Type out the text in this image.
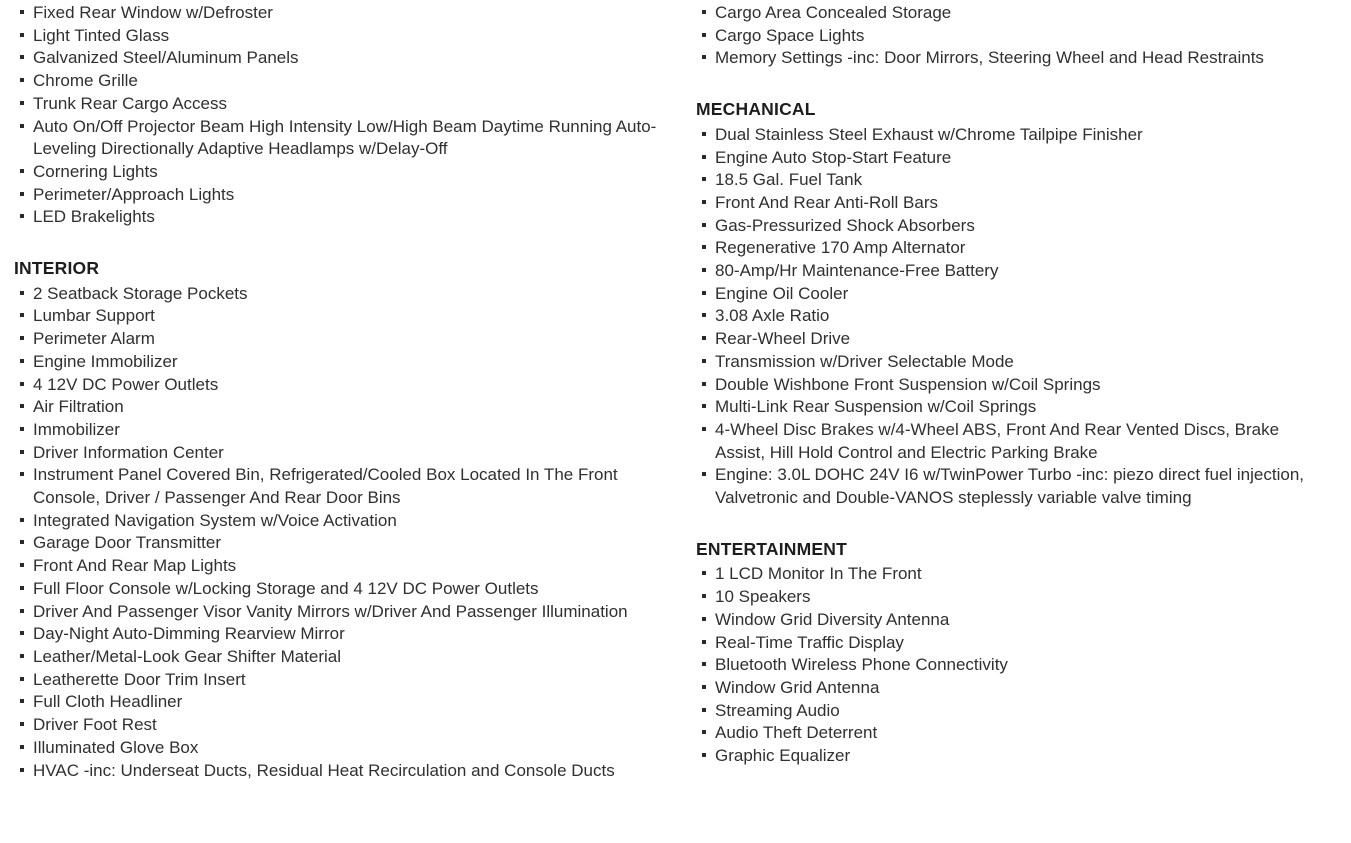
Fixed Rear Window w/Defroster
Light Tinted Glass
Galvanized Steel/Aluminum Panels
Chrome Grille
Trunk Rear Cargo Access
Auto On/Off Projector Beam High Intensity Low/High Beam Daytime Running Auto-Leveling Directionally Adaptive Headlamps w/Delay-Off
Cornering Lights
Perimeter/Approach Lights
LED Brakelights
INTERIOR
2 Seatback Storage Pockets
Lumbar Support
Perimeter Alarm
Engine Immobilizer
4 12V DC Power Outlets
Air Filtration
Immobilizer
Driver Information Center
Instrument Panel Covered Bin, Refrigerated/Cooled Box Located In The Front Console, Driver / Passenger And Rear Door Bins
Integrated Navigation System w/Voice Activation
Garage Door Transmitter
Front And Rear Map Lights
Full Floor Console w/Locking Storage and 4 12V DC Power Outlets
Driver And Passenger Visor Vanity Mirrors w/Driver And Passenger Illumination
Day-Night Auto-Dimming Rearview Mirror
Leather/Metal-Look Gear Shifter Material
Leatherette Door Trim Insert
Full Cloth Headliner
Driver Foot Rest
Illuminated Glove Box
HVAC -inc: Underseat Ducts, Residual Heat Recirculation and Console Ducts
Cargo Area Concealed Storage
Cargo Space Lights
Memory Settings -inc: Door Mirrors, Steering Wheel and Head Restraints
MECHANICAL
Dual Stainless Steel Exhaust w/Chrome Tailpipe Finisher
Engine Auto Stop-Start Feature
18.5 Gal. Fuel Tank
Front And Rear Anti-Roll Bars
Gas-Pressurized Shock Absorbers
Regenerative 170 Amp Alternator
80-Amp/Hr Maintenance-Free Battery
Engine Oil Cooler
3.08 Axle Ratio
Rear-Wheel Drive
Transmission w/Driver Selectable Mode
Double Wishbone Front Suspension w/Coil Springs
Multi-Link Rear Suspension w/Coil Springs
4-Wheel Disc Brakes w/4-Wheel ABS, Front And Rear Vented Discs, Brake Assist, Hill Hold Control and Electric Parking Brake
Engine: 3.0L DOHC 24V I6 w/TwinPower Turbo -inc: piezo direct fuel injection, Valvetronic and Double-VANOS steplessly variable valve timing
ENTERTAINMENT
1 LCD Monitor In The Front
10 Speakers
Window Grid Diversity Antenna
Real-Time Traffic Display
Bluetooth Wireless Phone Connectivity
Window Grid Antenna
Streaming Audio
Audio Theft Deterrent
Graphic Equalizer
